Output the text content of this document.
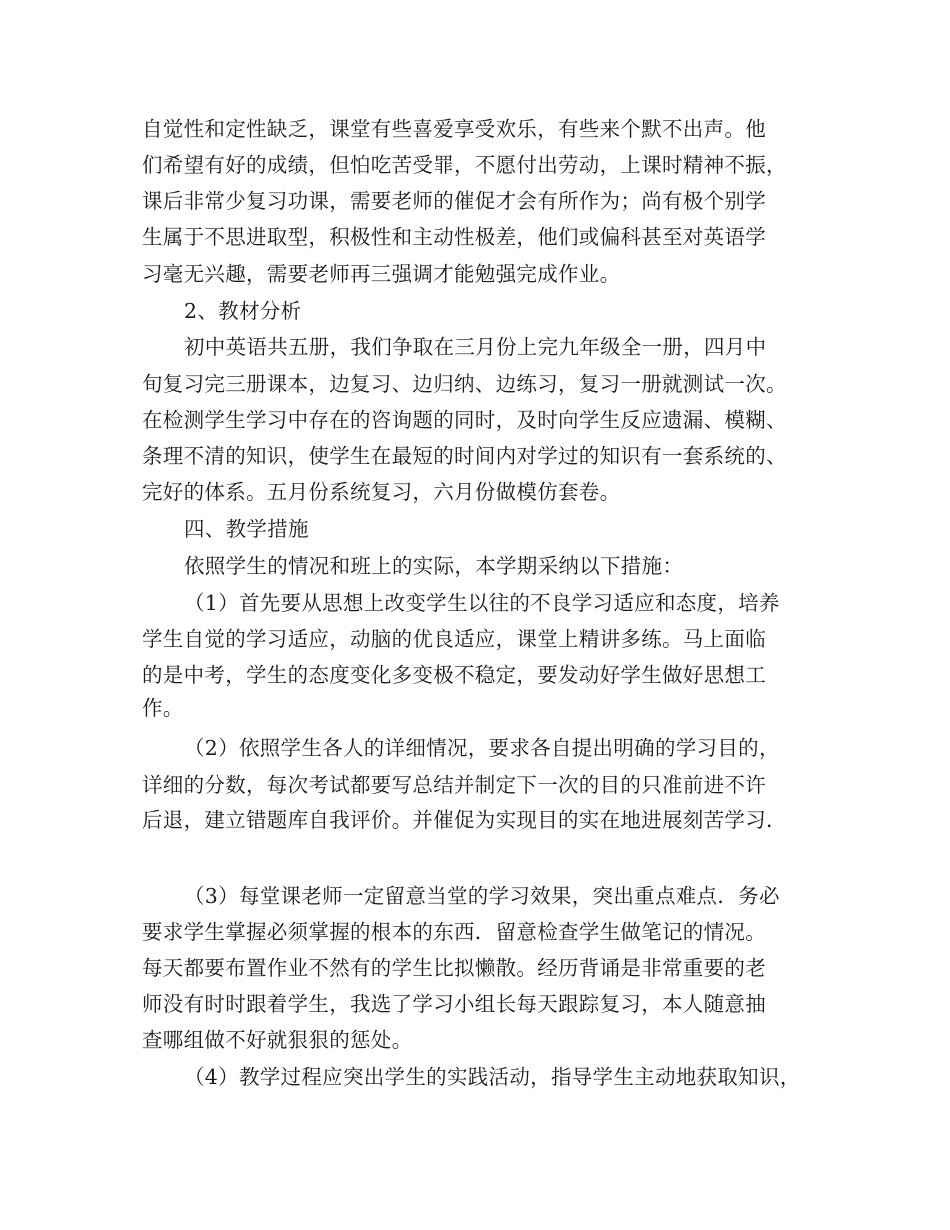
自觉性和定性缺乏，课堂有些喜爱享受欢乐，有些来个默不出声。他
们希望有好的成绩，但怕吃苦受罪，不愿付出劳动，上课时精神不振，
课后非常少复习功课，需要老师的催促才会有所作为；尚有极个别学
生属于不思进取型，积极性和主动性极差，他们或偏科甚至对英语学
习毫无兴趣，需要老师再三强调才能勉强完成作业。
2、教材分析
初中英语共五册，我们争取在三月份上完九年级全一册，四月中
旬复习完三册课本，边复习、边归纳、边练习，复习一册就测试一次。
在检测学生学习中存在的咨询题的同时，及时向学生反应遗漏、模糊、
条理不清的知识，使学生在最短的时间内对学过的知识有一套系统的、
完好的体系。五月份系统复习，六月份做模仿套卷。
四、教学措施
依照学生的情况和班上的实际，本学期采纳以下措施：
（1）首先要从思想上改变学生以往的不良学习适应和态度，培养
学生自觉的学习适应，动脑的优良适应，课堂上精讲多练。马上面临
的是中考，学生的态度变化多变极不稳定，要发动好学生做好思想工
作。
（2）依照学生各人的详细情况，要求各自提出明确的学习目的，
详细的分数，每次考试都要写总结并制定下一次的目的只准前进不许
后退，建立错题库自我评价。并催促为实现目的实在地进展刻苦学习．
（3）每堂课老师一定留意当堂的学习效果，突出重点难点．务必
要求学生掌握必须掌握的根本的东西．留意检查学生做笔记的情况。
每天都要布置作业不然有的学生比拟懒散。经历背诵是非常重要的老
师没有时时跟着学生，我选了学习小组长每天跟踪复习，本人随意抽
查哪组做不好就狠狠的惩处。
（4）教学过程应突出学生的实践活动，指导学生主动地获取知识，
